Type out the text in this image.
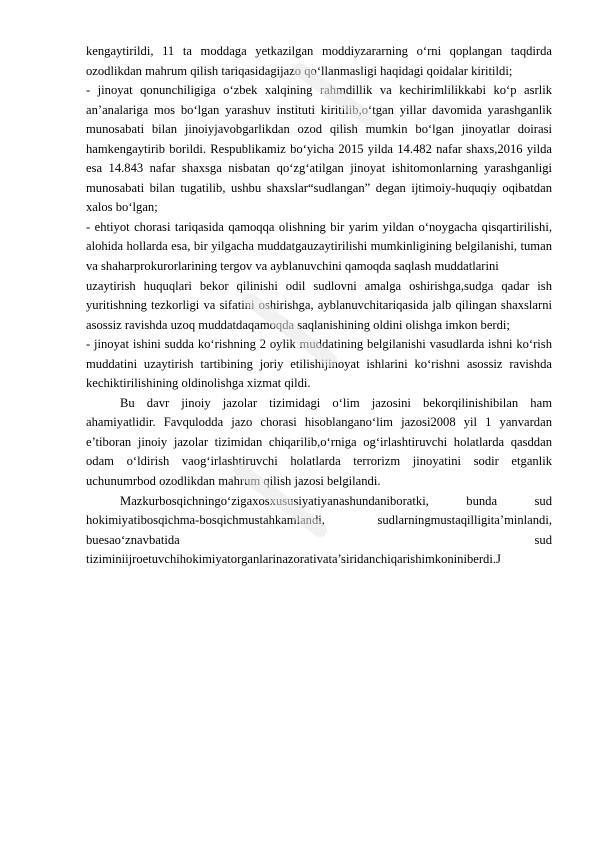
kengaytirildi, 11 ta moddaga yetkazilgan moddiyzararning o‘rni qoplangan taqdirda ozodlikdan mahrum qilish tariqasidagijazo qo‘llanmasligi haqidagi qoidalar kiritildi;

- jinoyat qonunchiligiga o‘zbek xalqining rahmdillik va kechirimlilikkabi ko‘p asrlik an’analariga mos bo‘lgan yarashuv instituti kiritilib,o‘tgan yillar davomida yarashganlik munosabati bilan jinoiyjavobgarlikdan ozod qilish mumkin bo‘lgan jinoyatlar doirasi hamkengaytirib borildi. Respublikamiz bo‘yicha 2015 yilda 14.482 nafar shaxs,2016 yilda esa 14.843 nafar shaxsga nisbatan qo‘zg‘atilgan jinoyat ishitomonlarning yarashganligi munosabati bilan tugatilib, ushbu shaxslar“sudlangan” degan ijtimoiy-huquqiy oqibatdan xalos bo‘lgan;

- ehtiyot chorasi tariqasida qamoqqa olishning bir yarim yildan o‘noygacha qisqartirilishi, alohida hollarda esa, bir yilgacha muddatgauzaytirilishi mumkinligining belgilanishi, tuman va shaharprokurorlarining tergov va ayblanuvchini qamoqda saqlash muddatlarini

uzaytirish huquqlari bekor qilinishi odil sudlovni amalga oshirishga,sudga qadar ish yuritishning tezkorligi va sifatini oshirishga, ayblanuvchitariqasida jalb qilingan shaxslarni asossiz ravishda uzoq muddatdaqamoqda saqlanishining oldini olishga imkon berdi;

- jinoyat ishini sudda ko‘rishning 2 oylik muddatining belgilanishi vasudlarda ishni ko‘rish muddatini uzaytirish tartibining joriy etilishijinoyat ishlarini ko‘rishni asossiz ravishda kechiktirilishining oldinolishga xizmat qildi.

Bu davr jinoiy jazolar tizimidagi o‘lim jazosini bekorqilinishibilan ham ahamiyatlidir. Favqulodda jazo chorasi hisoblangano‘lim jazosi2008 yil 1 yanvardan e’tiboran jinoiy jazolar tizimidan chiqarilib,o‘rniga og‘irlashtiruvchi holatlarda qasddan odam o‘ldirish vaog‘irlashtiruvchi holatlarda terrorizm jinoyatini sodir etganlik uchunumrbod ozodlikdan mahrum qilish jazosi belgilandi.

Mazkurbosqichningo‘zigaxosxususiyatiyanashundaniboratki, bunda sud hokimiyatibosqichma-bosqichmustahkamlandi, sudlarningmustaqilligita’minlandi, buesao‘znavbatida sud tiziminiijroetuvchihokimiyatorganlarinazorativata’siridanchiqarishimkoniniberdi.J
